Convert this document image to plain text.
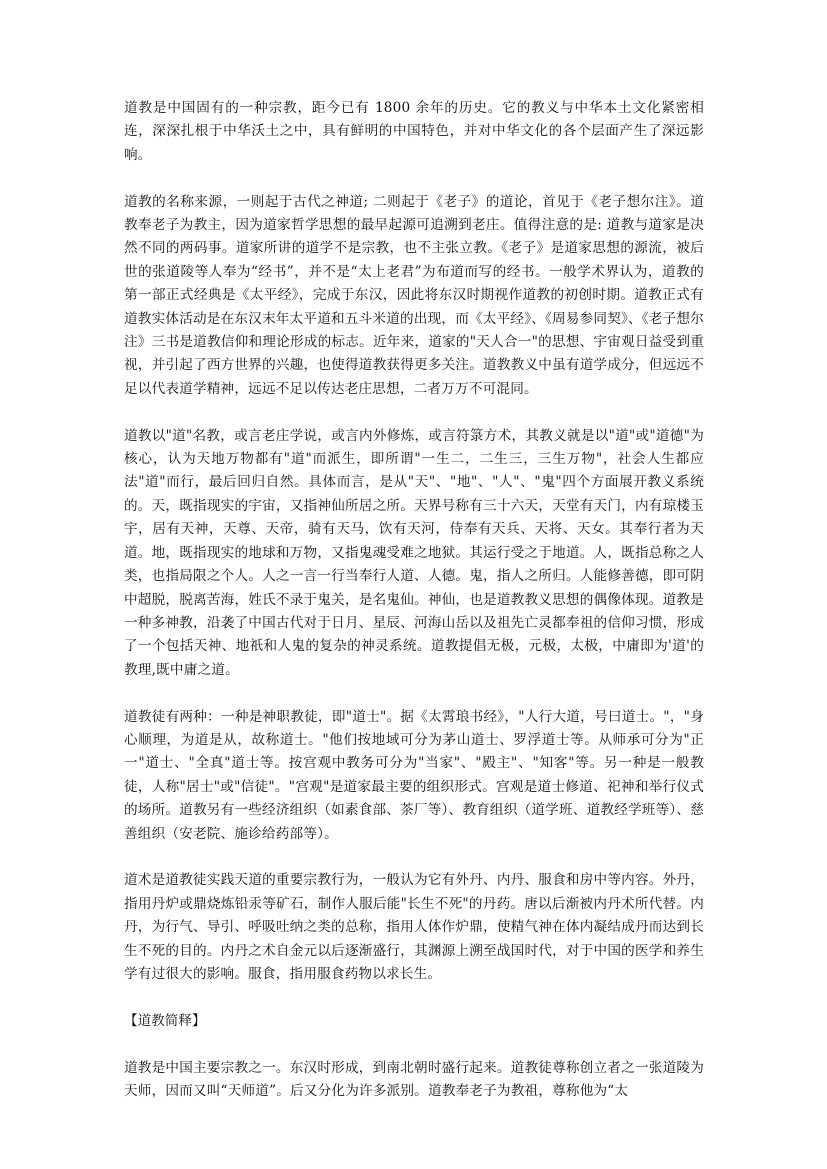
道教是中国固有的一种宗教，距今已有 1800 余年的历史。它的教义与中华本土文化紧密相连，深深扎根于中华沃土之中，具有鲜明的中国特色，并对中华文化的各个层面产生了深远影响。

道教的名称来源，一则起于古代之神道; 二则起于《老子》的道论，首见于《老子想尔注》。道教奉老子为教主，因为道家哲学思想的最早起源可追溯到老庄。值得注意的是: 道教与道家是决然不同的两码事。道家所讲的道学不是宗教，也不主张立教。《老子》是道家思想的源流，被后世的张道陵等人奉为“经书”，并不是“太上老君”为布道而写的经书。一般学术界认为，道教的第一部正式经典是《太平经》，完成于东汉，因此将东汉时期视作道教的初创时期。道教正式有道教实体活动是在东汉末年太平道和五斗米道的出现，而《太平经》、《周易参同契》、《老子想尔注》三书是道教信仰和理论形成的标志。近年来，道家的"天人合一"的思想、宇宙观日益受到重视，并引起了西方世界的兴趣，也使得道教获得更多关注。道教教义中虽有道学成分，但远远不足以代表道学精神，远远不足以传达老庄思想，二者万万不可混同。

道教以"道"名教，或言老庄学说，或言内外修炼，或言符箓方术，其教义就是以"道"或"道德"为核心，认为天地万物都有"道"而派生，即所谓"一生二，二生三，三生万物"，社会人生都应法"道"而行，最后回归自然。具体而言，是从"天"、"地"、"人"、"鬼"四个方面展开教义系统的。天，既指现实的宇宙，又指神仙所居之所。天界号称有三十六天，天堂有天门，内有琼楼玉宇，居有天神，天尊、天帝，骑有天马，饮有天河，侍奉有天兵、天将、天女。其奉行者为天道。地，既指现实的地球和万物，又指鬼魂受难之地狱。其运行受之于地道。人，既指总称之人类，也指局限之个人。人之一言一行当奉行人道、人德。鬼，指人之所归。人能修善德，即可阴中超脱，脱离苦海，姓氏不录于鬼关，是名鬼仙。神仙，也是道教教义思想的偶像体现。道教是一种多神教，沿袭了中国古代对于日月、星辰、河海山岳以及祖先亡灵都奉祖的信仰习惯，形成了一个包括天神、地祇和人鬼的复杂的神灵系统。道教提倡无极，元极，太极，中庸即为'道'的教理,既中庸之道。

道教徒有两种：一种是神职教徒，即"道士"。据《太霄琅书经》，"人行大道，号曰道士。"，"身心顺理，为道是从，故称道士。"他们按地域可分为茅山道士、罗浮道士等。从师承可分为"正一"道士、"全真"道士等。按宫观中教务可分为"当家"、"殿主"、"知客"等。另一种是一般教徒，人称"居士"或"信徒"。"宫观"是道家最主要的组织形式。宫观是道士修道、祀神和举行仪式的场所。道教另有一些经济组织（如素食部、茶厂等）、教育组织（道学班、道教经学班等）、慈善组织（安老院、施诊给药部等）。

道术是道教徒实践天道的重要宗教行为，一般认为它有外丹、内丹、服食和房中等内容。外丹，指用丹炉或鼎烧炼铅汞等矿石，制作人服后能"长生不死"的丹药。唐以后渐被内丹术所代替。内丹，为行气、导引、呼吸吐纳之类的总称，指用人体作炉鼎，使精气神在体内凝结成丹而达到长生不死的目的。内丹之术自金元以后逐渐盛行，其渊源上溯至战国时代，对于中国的医学和养生学有过很大的影响。服食，指用服食药物以求长生。

【道教简释】

道教是中国主要宗教之一。东汉时形成，到南北朝时盛行起来。道教徒尊称创立者之一张道陵为天师，因而又叫“天师道”。后又分化为许多派别。道教奉老子为教祖，尊称他为“太
